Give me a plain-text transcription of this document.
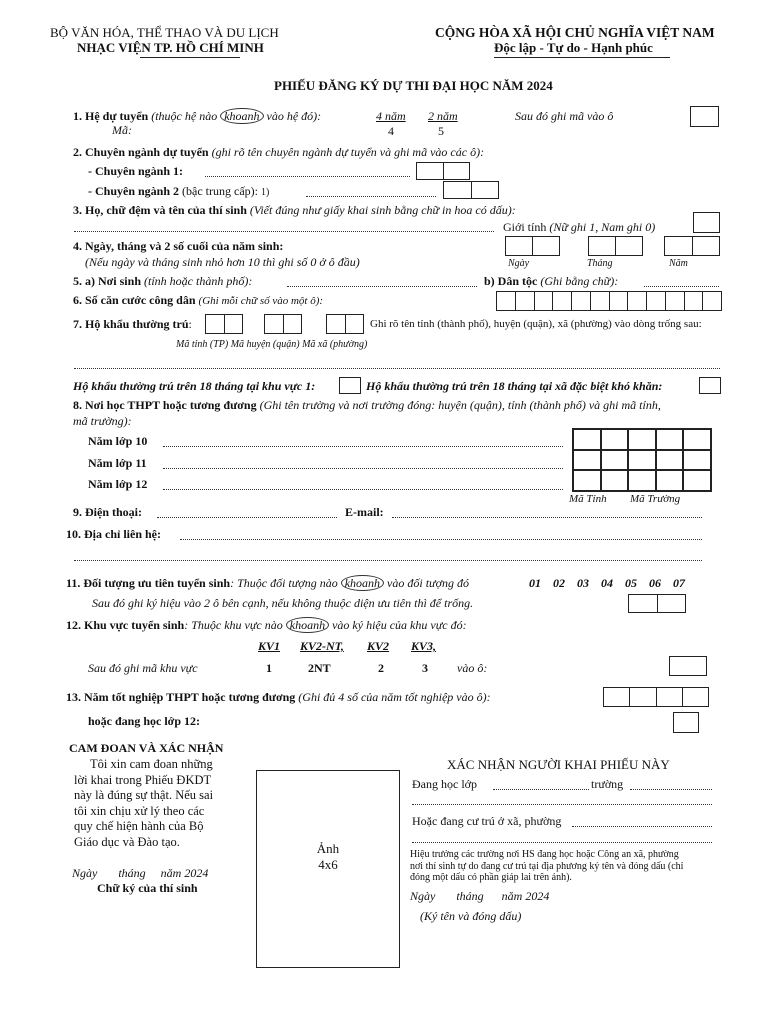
BỘ VĂN HÓA, THỂ THAO VÀ DU LỊCH
NHẠC VIỆN TP. HỒ CHÍ MINH
CỘNG HÒA XÃ HỘI CHỦ NGHĨA VIỆT NAM
Độc lập - Tự do - Hạnh phúc
PHIẾU ĐĂNG KÝ DỰ THI ĐẠI HỌC NĂM 2024
1. Hệ dự tuyển (thuộc hệ nào khoanh vào hệ đó):	4 năm 2 năm	Sau đó ghi mã vào ô
Mã:	4	5
2. Chuyên ngành dự tuyển (ghi rõ tên chuyên ngành dự tuyển và ghi mã vào các ô):
- Chuyên ngành 1:
- Chuyên ngành 2 (bậc trung cấp): 1)
3. Họ, chữ đệm và tên của thí sinh (Viết đúng như giấy khai sinh bằng chữ in hoa có dấu):
Giới tính (Nữ ghi 1, Nam ghi 0)
4. Ngày, tháng và 2 số cuối của năm sinh:
(Nếu ngày và tháng sinh nhỏ hơn 10 thì ghi số 0 ở ô đầu)	Ngày	Tháng	Năm
5. a) Nơi sinh (tỉnh hoặc thành phố):	b) Dân tộc (Ghi bằng chữ):
6. Số căn cước công dân (Ghi mỗi chữ số vào một ô):
7. Hộ khẩu thường trú:	Ghi rõ tên tỉnh (thành phố), huyện (quận), xã (phường) vào dòng trống sau:
Mã tỉnh (TP) Mã huyện (quận) Mã xã (phường)
Hộ khẩu thường trú trên 18 tháng tại khu vực 1:	Hộ khẩu thường trú trên 18 tháng tại xã đặc biệt khó khăn:
8. Nơi học THPT hoặc tương đương (Ghi tên trường và nơi trường đóng: huyện (quận), tỉnh (thành phố) và ghi mã tỉnh,
mã trường):
Năm lớp 10
Năm lớp 11
Năm lớp 12
Mã Tỉnh Mã Trường
9. Điện thoại:	E-mail:
10. Địa chỉ liên hệ:
11. Đối tượng ưu tiên tuyển sinh: Thuộc đối tượng nào khoanh vào đối tượng đó	01 02 03 04 05 06 07
Sau đó ghi ký hiệu vào 2 ô bên cạnh, nếu không thuộc diện ưu tiên thì để trống.
12. Khu vực tuyển sinh: Thuộc khu vực nào khoanh vào ký hiệu của khu vực đó:
KV1 KV2-NT, KV2 KV3,
Sau đó ghi mã khu vực	1	2NT	2	3 vào ô:
13. Năm tốt nghiệp THPT hoặc tương đương (Ghi đủ 4 số của năm tốt nghiệp vào ô):
hoặc đang học lớp 12:
CAM ĐOAN VÀ XÁC NHẬN
Tôi xin cam đoan những
lời khai trong Phiếu ĐKDT
này là đúng sự thật. Nếu sai
tôi xin chịu xử lý theo các
quy chế hiện hành của Bộ
Giáo dục và Đào tạo.
Ngày       tháng     năm 2024
Chữ ký của thí sinh
Ảnh
4x6
XÁC NHẬN NGƯỜI KHAI PHIẾU NÀY
Đang học lớp	trường
Hoặc đang cư trú ở xã, phường
Hiệu trưởng các trường nơi HS đang học hoặc Công an xã, phường
nơi thí sinh tự do đang cư trú tại địa phương ký tên và đóng dấu (chỉ
đóng một dấu có phần giáp lai trên ảnh).
Ngày       tháng      năm 2024
(Ký tên và đóng dấu)
